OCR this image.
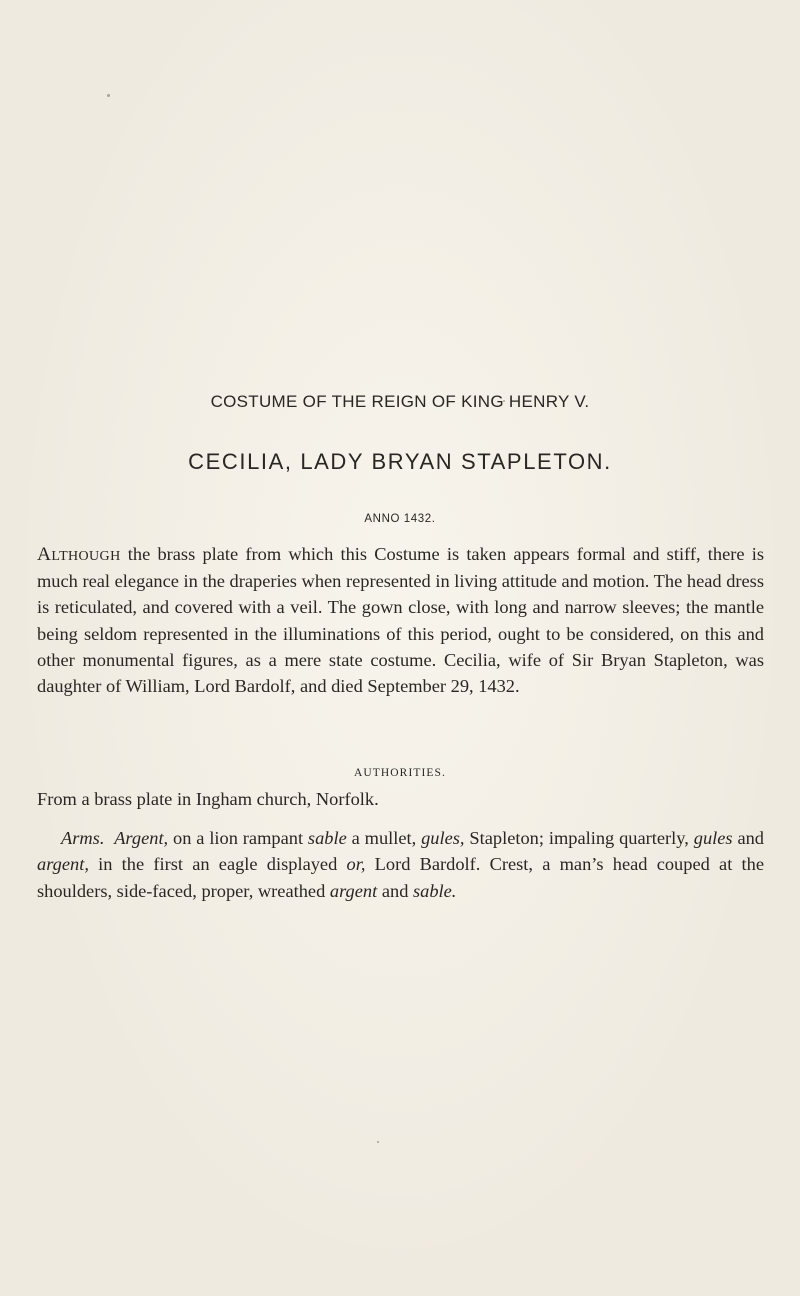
COSTUME OF THE REIGN OF KING HENRY V.
CECILIA, LADY BRYAN STAPLETON.
ANNO 1432.

Although the brass plate from which this Costume is taken appears formal and stiff, there is much real elegance in the draperies when represented in living attitude and motion. The head dress is reticulated, and covered with a veil. The gown close, with long and narrow sleeves; the mantle being seldom represented in the illuminations of this period, ought to be considered, on this and other monumental figures, as a mere state costume. Cecilia, wife of Sir Bryan Stapleton, was daughter of William, Lord Bardolf, and died September 29, 1432.

AUTHORITIES.

From a brass plate in Ingham church, Norfolk.

Arms. Argent, on a lion rampant sable a mullet, gules, Stapleton; impaling quarterly, gules and argent, in the first an eagle displayed or, Lord Bardolf. Crest, a man’s head couped at the shoulders, side-faced, proper, wreathed argent and sable.
